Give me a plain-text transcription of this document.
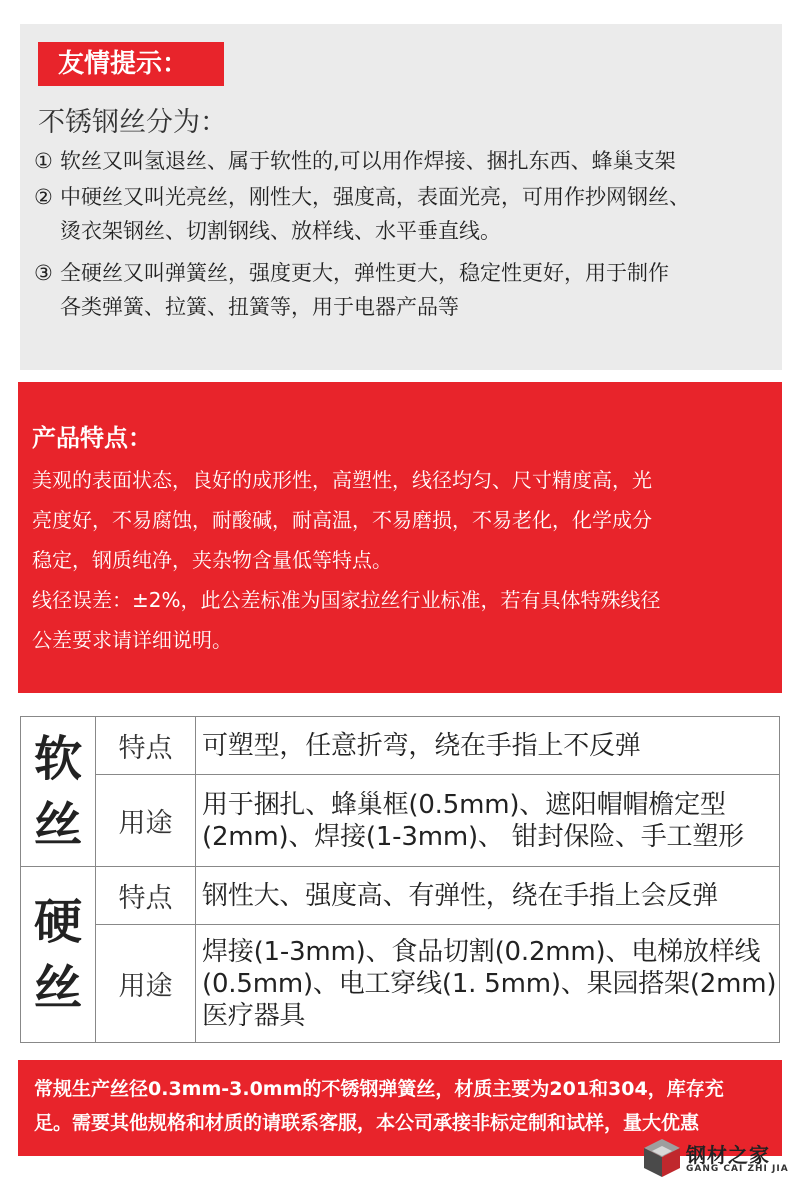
友情提示：
不锈钢丝分为：
① 软丝又叫氢退丝、属于软性的,可以用作焊接、捆扎东西、蜂巢支架
② 中硬丝又叫光亮丝，刚性大，强度高，表面光亮，可用作抄网钢丝、
烫衣架钢丝、切割钢线、放样线、水平垂直线。
③ 全硬丝又叫弹簧丝，强度更大，弹性更大，稳定性更好，用于制作
各类弹簧、拉簧、扭簧等，用于电器产品等
产品特点：

美观的表面状态，良好的成形性，高塑性，线径均匀、尺寸精度高，光

亮度好，不易腐蚀，耐酸碱，耐高温，不易磨损，不易老化，化学成分

稳定，钢质纯净，夹杂物含量低等特点。

线径误差：±2%，此公差标准为国家拉丝行业标准，若有具体特殊线径

公差要求请详细说明。

软
丝	特点	可塑型，任意折弯，绕在手指上不反弹
	用途	用于捆扎、蜂巢框(0.5mm)、遮阳帽帽檐定型
(2mm)、焊接(1-3mm)、 钳封保险、手工塑形
硬
丝	特点	钢性大、强度高、有弹性，绕在手指上会反弹
	用途	焊接(1-3mm)、食品切割(0.2mm)、电梯放样线
(0.5mm)、电工穿线(1. 5mm)、果园搭架(2mm)
医疗器具
常规生产丝径0.3mm-3.0mm的不锈钢弹簧丝，材质主要为201和304，库存充
足。需要其他规格和材质的请联系客服，本公司承接非标定制和试样，量大优惠
钢材之家
GANG CAI ZHI JIA
